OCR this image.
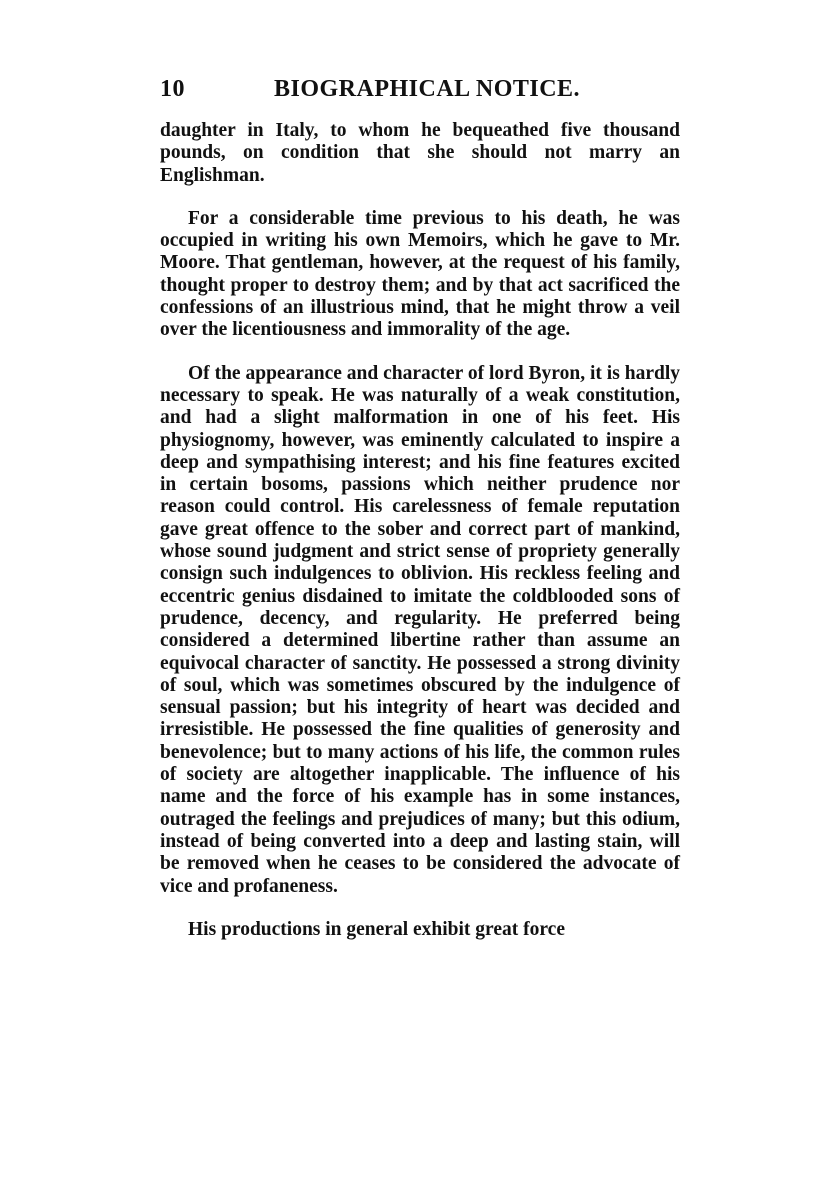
10	BIOGRAPHICAL NOTICE.

daughter in Italy, to whom he bequeathed five thousand pounds, on condition that she should not marry an Englishman.

For a considerable time previous to his death, he was occupied in writing his own Memoirs, which he gave to Mr. Moore. That gentleman, however, at the request of his family, thought proper to destroy them; and by that act sacrificed the confessions of an illustrious mind, that he might throw a veil over the licentiousness and immorality of the age.

Of the appearance and character of lord Byron, it is hardly necessary to speak. He was naturally of a weak constitution, and had a slight malformation in one of his feet. His physiognomy, however, was eminently calculated to inspire a deep and sympathising interest; and his fine features excited in certain bosoms, passions which neither prudence nor reason could control. His carelessness of female reputation gave great offence to the sober and correct part of mankind, whose sound judgment and strict sense of propriety generally consign such indulgences to oblivion. His reckless feeling and eccentric genius disdained to imitate the coldblooded sons of prudence, decency, and regularity. He preferred being considered a determined libertine rather than assume an equivocal character of sanctity. He possessed a strong divinity of soul, which was sometimes obscured by the indulgence of sensual passion; but his integrity of heart was decided and irresistible. He possessed the fine qualities of generosity and benevolence; but to many actions of his life, the common rules of society are altogether inapplicable. The influence of his name and the force of his example has in some instances, outraged the feelings and prejudices of many; but this odium, instead of being converted into a deep and lasting stain, will be removed when he ceases to be considered the advocate of vice and profaneness.

His productions in general exhibit great force
